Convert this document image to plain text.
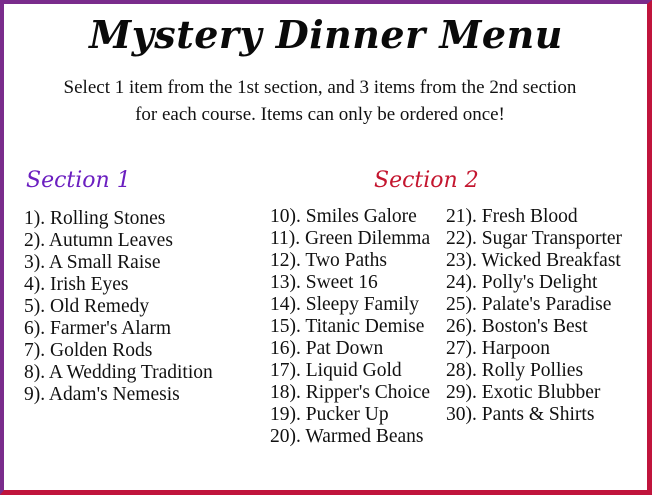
Mystery Dinner Menu
Select 1 item from the 1st section, and 3 items from the 2nd section
for each course. Items can only be ordered once!
Section 1	Section 2
1). Rolling Stones
2). Autumn Leaves
3). A Small Raise
4). Irish Eyes
5). Old Remedy
6). Farmer's Alarm
7). Golden Rods
8). A Wedding Tradition
9). Adam's Nemesis
10). Smiles Galore
11). Green Dilemma
12). Two Paths
13). Sweet 16
14). Sleepy Family
15). Titanic Demise
16). Pat Down
17). Liquid Gold
18). Ripper's Choice
19). Pucker Up
20). Warmed Beans
21). Fresh Blood
22). Sugar Transporter
23). Wicked Breakfast
24). Polly's Delight
25). Palate's Paradise
26). Boston's Best
27). Harpoon
28). Rolly Pollies
29). Exotic Blubber
30). Pants & Shirts
